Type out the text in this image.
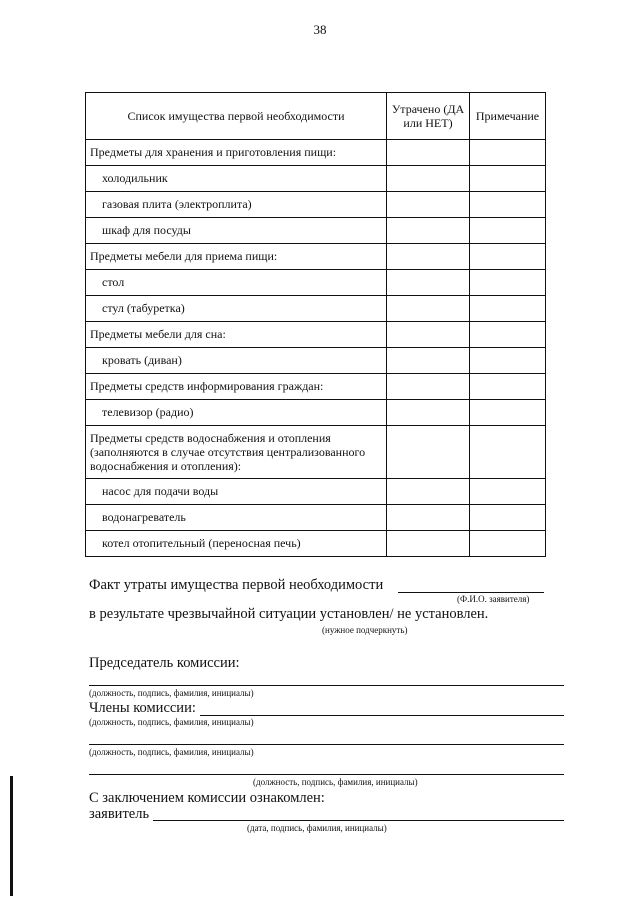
38
Список имущества первой необходимости	Утрачено (ДА или НЕТ)	Примечание
Предметы для хранения и приготовления пищи:		
холодильник		
газовая плита (электроплита)		
шкаф для посуды		
Предметы мебели для приема пищи:		
стол		
стул (табуретка)		
Предметы мебели для сна:		
кровать (диван)		
Предметы средств информирования граждан:		
телевизор (радио)		
Предметы средств водоснабжения и отопления (заполняются в случае отсутствия централизованного водоснабжения и отопления):		
насос для подачи воды		
водонагреватель		
котел отопительный (переносная печь)		
Факт утраты имущества первой необходимости
(Ф.И.О. заявителя)
в результате чрезвычайной ситуации установлен/ не установлен.
(нужное подчеркнуть)
Председатель комиссии:
(должность, подпись, фамилия, инициалы)
Члены комиссии:
(должность, подпись, фамилия, инициалы)
(должность, подпись, фамилия, инициалы)
(должность, подпись, фамилия, инициалы)
С заключением комиссии ознакомлен:
заявитель
(дата, подпись, фамилия, инициалы)
